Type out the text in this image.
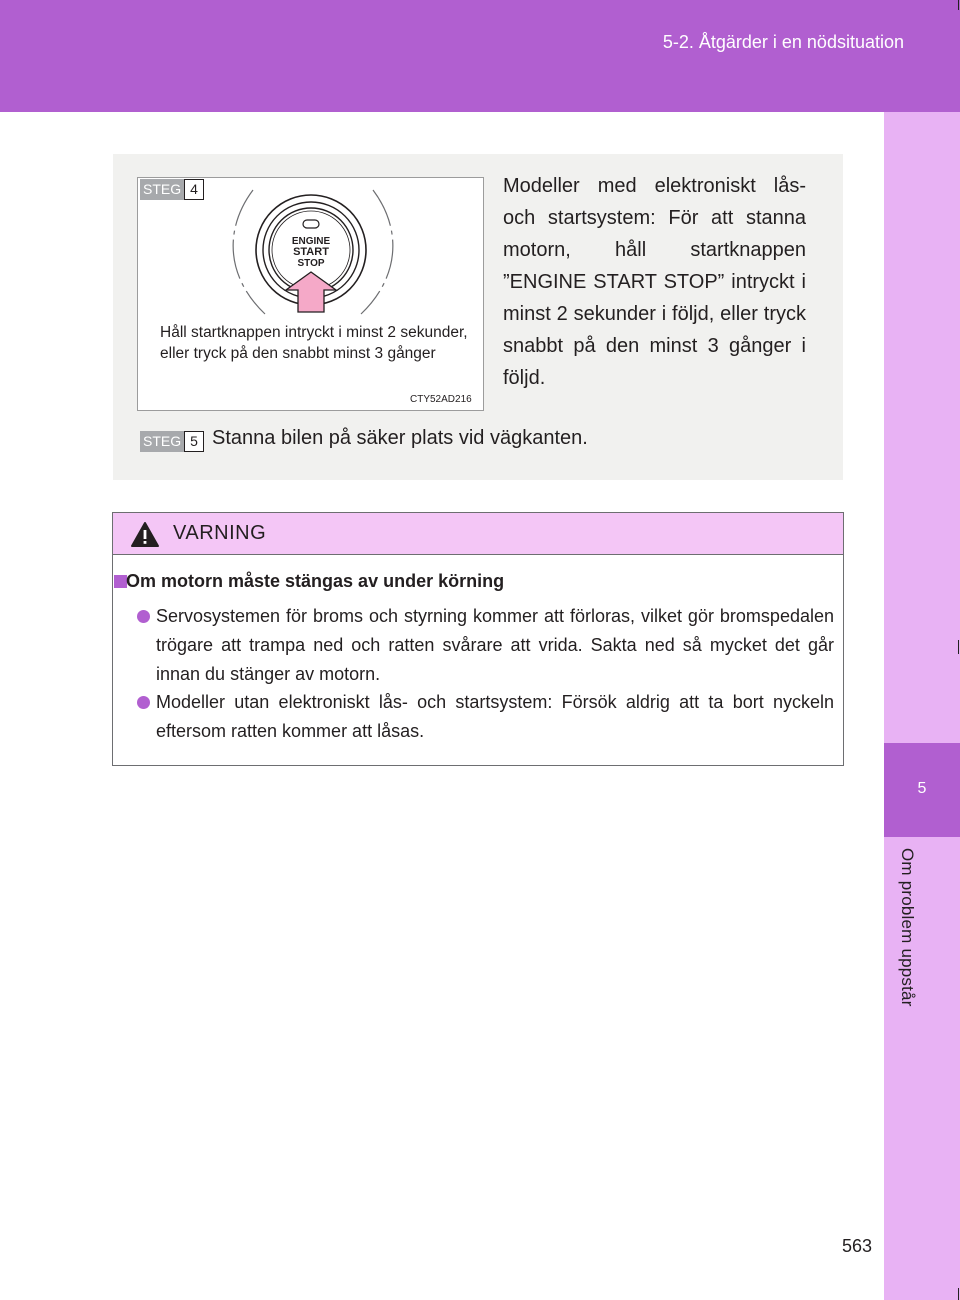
5-2. Åtgärder i en nödsituation
5
Om problem uppstår
STEG 4
ENGINE
START
STOP
Håll startknappen intryckt i minst 2 sekunder, eller tryck på den snabbt minst 3 gånger
CTY52AD216
Modeller med elektroniskt lås- och startsystem: För att stanna motorn, håll startknappen ”ENGINE START STOP” intryckt i minst 2 sekunder i följd, eller tryck snabbt på den minst 3 gånger i följd.
STEG 5 Stanna bilen på säker plats vid vägkanten.
VARNING
Om motorn måste stängas av under körning
Servosystemen för broms och styrning kommer att förloras, vilket gör bromspedalen trögare att trampa ned och ratten svårare att vrida. Sakta ned så mycket det går innan du stänger av motorn.
Modeller utan elektroniskt lås- och startsystem: Försök aldrig att ta bort nyckeln eftersom ratten kommer att låsas.
563
